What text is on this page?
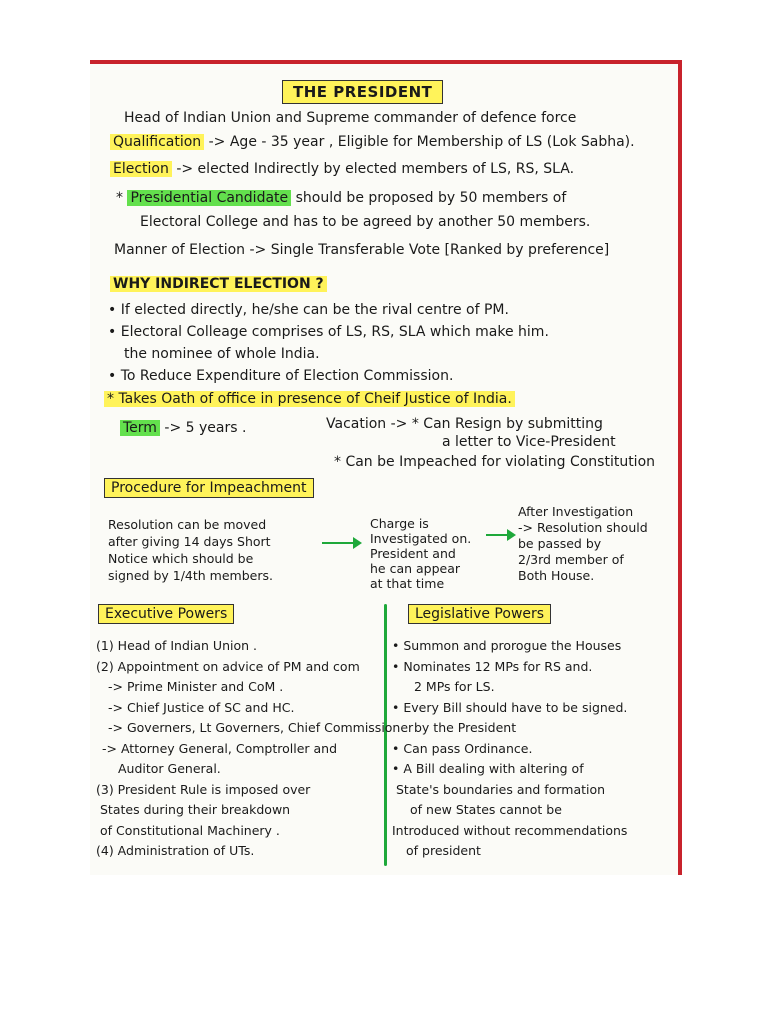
THE PRESIDENT
Head of Indian Union and Supreme commander of defence force
Qualification -> Age - 35 year , Eligible for Membership of LS (Lok Sabha).
Election -> elected Indirectly by elected members of LS, RS, SLA.
* Presidential Candidate should be proposed by 50 members of
Electoral College and has to be agreed by another 50 members.
Manner of Election -> Single Transferable Vote [Ranked by preference]
WHY INDIRECT ELECTION ?
• If elected directly, he/she can be the rival centre of PM.
• Electoral Colleage comprises of LS, RS, SLA which make him.
the nominee of whole India.
• To Reduce Expenditure of Election Commission.
* Takes Oath of office in presence of Cheif Justice of India.
Term -> 5 years .	Vacation -> * Can Resign by submitting
a letter to Vice-President
* Can be Impeached for violating Constitution
Procedure for Impeachment
Resolution can be moved
after giving 14 days Short
Notice which should be
signed by 1/4th members.
Charge is
Investigated on.
President and
he can appear
at that time
After Investigation
-> Resolution should
be passed by
2/3rd member of
Both House.
Executive Powers
(1) Head of Indian Union .
(2) Appointment on advice of PM and com
-> Prime Minister and CoM .
-> Chief Justice of SC and HC.
-> Governers, Lt Governers, Chief Commissioner
-> Attorney General, Comptroller and
Auditor General.
(3) President Rule is imposed over
States during their breakdown
of Constitutional Machinery .
(4) Administration of UTs.
Legislative Powers
• Summon and prorogue the Houses
• Nominates 12 MPs for RS and.
2 MPs for LS.
• Every Bill should have to be signed.
by the President
• Can pass Ordinance.
• A Bill dealing with altering of
State's boundaries and formation
of new States cannot be
Introduced without recommendations
of president
